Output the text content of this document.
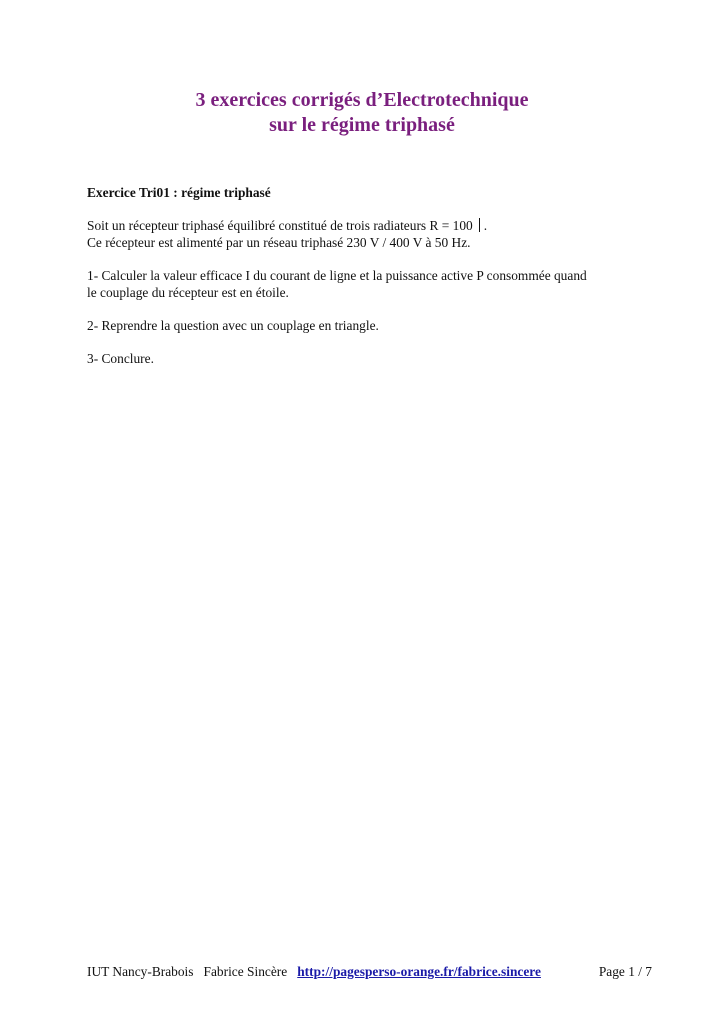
3 exercices corrigés d’Electrotechnique
sur le régime triphasé
Exercice Tri01 : régime triphasé
Soit un récepteur triphasé équilibré constitué de trois radiateurs R = 100 .
Ce récepteur est alimenté par un réseau triphasé 230 V / 400 V à 50 Hz.
1- Calculer la valeur efficace I du courant de ligne et la puissance active P consommée quand
le couplage du récepteur est en étoile.
2- Reprendre la question avec un couplage en triangle.
3- Conclure.
IUT Nancy-Brabois Fabrice Sincère http://pagesperso-orange.fr/fabrice.sincere	Page 1 / 7
